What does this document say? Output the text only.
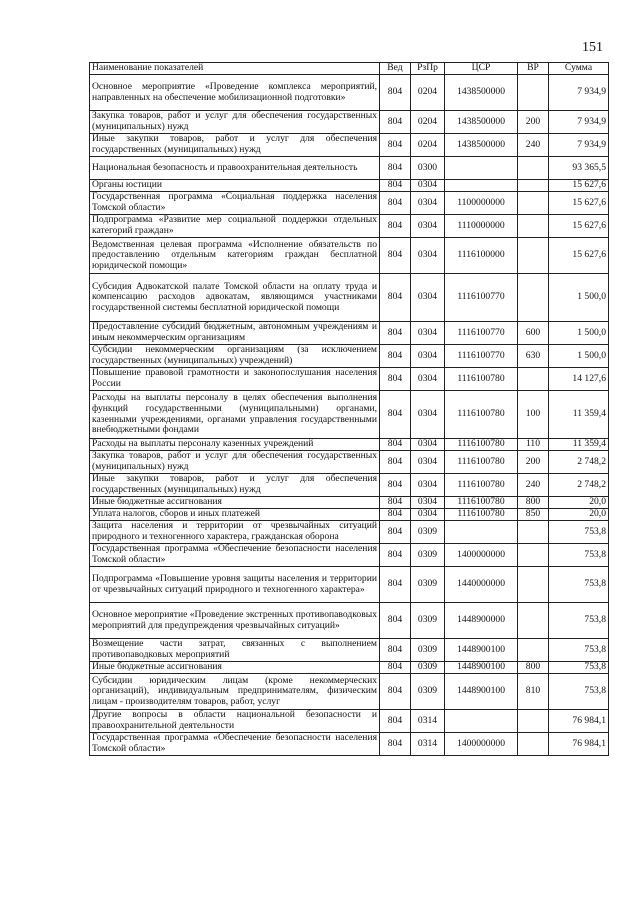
151
Наименование показателей	Вед	РзПр	ЦСР	ВР	Сумма
Основное мероприятие «Проведение комплекса мероприятий, направленных на обеспечение мобилизационной подготовки»	804	0204	1438500000		7 934,9
Закупка товаров, работ и услуг для обеспечения государственных (муниципальных) нужд	804	0204	1438500000	200	7 934,9
Иные закупки товаров, работ и услуг для обеспечения государственных (муниципальных) нужд	804	0204	1438500000	240	7 934,9
Национальная безопасность и правоохранительная деятельность	804	0300			93 365,5
Органы юстиции	804	0304			15 627,6
Государственная программа «Социальная поддержка населения Томской области»	804	0304	1100000000		15 627,6
Подпрограмма «Развитие мер социальной поддержки отдельных категорий граждан»	804	0304	1110000000		15 627,6
Ведомственная целевая программа «Исполнение обязательств по предоставлению отдельным категориям граждан бесплатной юридической помощи»	804	0304	1116100000		15 627,6
Субсидия Адвокатской палате Томской области на оплату труда и компенсацию расходов адвокатам, являющимся участниками государственной системы бесплатной юридической помощи	804	0304	1116100770		1 500,0
Предоставление субсидий бюджетным, автономным учреждениям и иным некоммерческим организациям	804	0304	1116100770	600	1 500,0
Субсидии некоммерческим организациям (за исключением государственных (муниципальных) учреждений)	804	0304	1116100770	630	1 500,0
Повышение правовой грамотности и законопослушания населения России	804	0304	1116100780		14 127,6
Расходы на выплаты персоналу в целях обеспечения выполнения функций государственными (муниципальными) органами, казенными учреждениями, органами управления государственными внебюджетными фондами	804	0304	1116100780	100	11 359,4
Расходы на выплаты персоналу казенных учреждений	804	0304	1116100780	110	11 359,4
Закупка товаров, работ и услуг для обеспечения государственных (муниципальных) нужд	804	0304	1116100780	200	2 748,2
Иные закупки товаров, работ и услуг для обеспечения государственных (муниципальных) нужд	804	0304	1116100780	240	2 748,2
Иные бюджетные ассигнования	804	0304	1116100780	800	20,0
Уплата налогов, сборов и иных платежей	804	0304	1116100780	850	20,0
Защита населения и территории от чрезвычайных ситуаций природного и техногенного характера, гражданская оборона	804	0309			753,8
Государственная программа «Обеспечение безопасности населения Томской области»	804	0309	1400000000		753,8
Подпрограмма «Повышение уровня защиты населения и территории от чрезвычайных ситуаций природного и техногенного характера»	804	0309	1440000000		753,8
Основное мероприятие «Проведение экстренных противопаводковых мероприятий для предупреждения чрезвычайных ситуаций»	804	0309	1448900000		753,8
Возмещение части затрат, связанных с выполнением противопаводковых мероприятий	804	0309	1448900100		753,8
Иные бюджетные ассигнования	804	0309	1448900100	800	753,8
Субсидии юридическим лицам (кроме некоммерческих организаций), индивидуальным предпринимателям, физическим лицам - производителям товаров, работ, услуг	804	0309	1448900100	810	753,8
Другие вопросы в области национальной безопасности и правоохранительной деятельности	804	0314			76 984,1
Государственная программа «Обеспечение безопасности населения Томской области»	804	0314	1400000000		76 984,1
